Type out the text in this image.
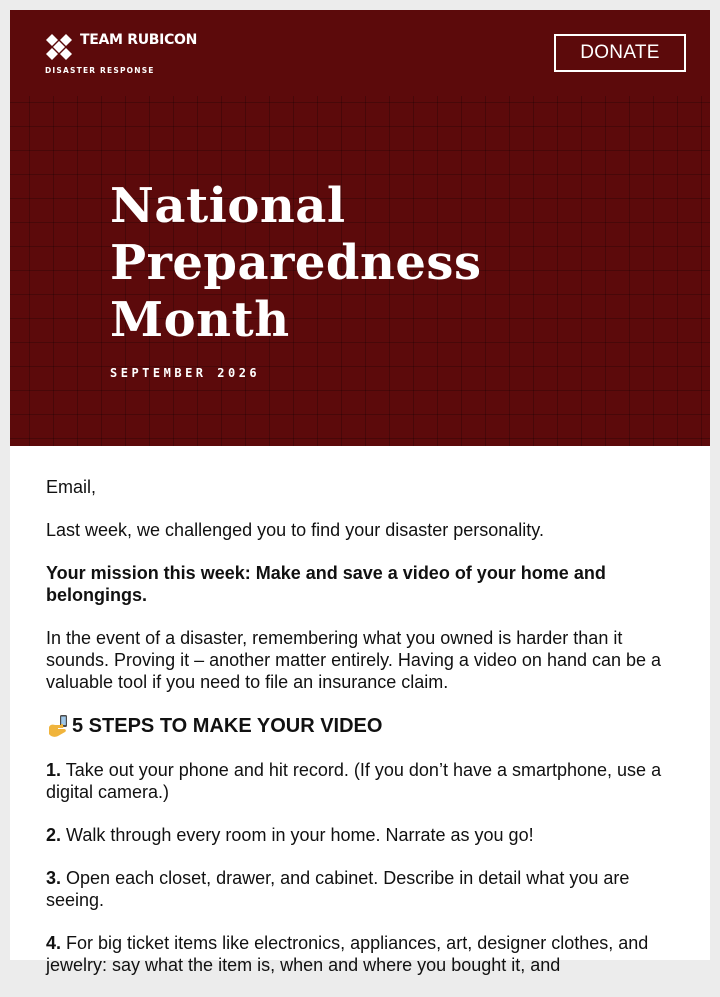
TEAM RUBICON
DISASTER RESPONSE
DONATE
National
Preparedness
Month
SEPTEMBER 2026

Email,

Last week, we challenged you to find your disaster personality.

Your mission this week: Make and save a video of your home and belongings.

In the event of a disaster, remembering what you owned is harder than it sounds. Proving it – another matter entirely. Having a video on hand can be a valuable tool if you need to file an insurance claim.

5 STEPS TO MAKE YOUR VIDEO

1. Take out your phone and hit record. (If you don’t have a smartphone, use a digital camera.)

2. Walk through every room in your home. Narrate as you go!

3. Open each closet, drawer, and cabinet. Describe in detail what you are seeing.

4. For big ticket items like electronics, appliances, art, designer clothes, and jewelry: say what the item is, when and where you bought it, and
